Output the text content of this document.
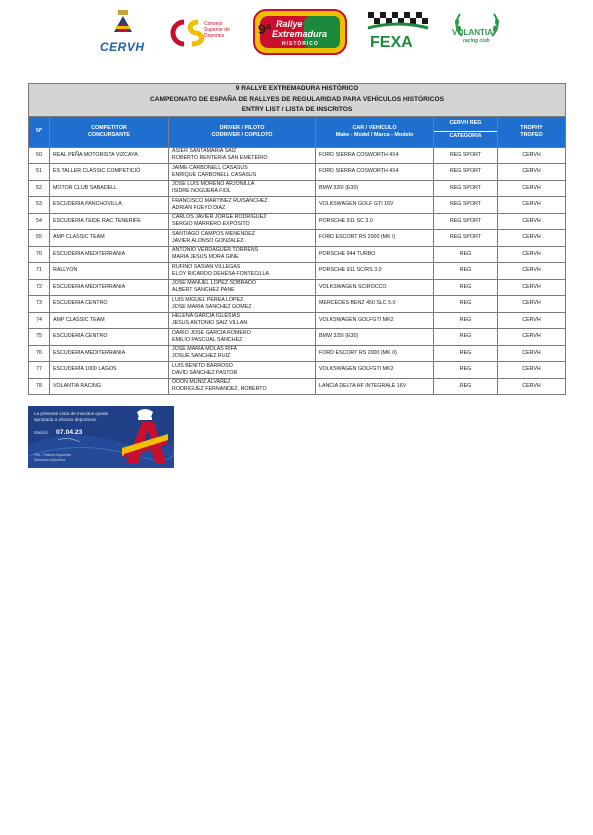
CERVH
Consejo
Superior de
Deportes	9ª Rallye
Extremadura
HISTÓRICO	FEXA
VOLANTIA
racing club
9 RALLYE EXTREMADURA HISTÓRICO
CAMPEONATO DE ESPAÑA DE RALLYES DE REGULARIDAD PARA VEHÍCULOS HISTÓRICOS
ENTRY LIST / LISTA DE INSCRITOS					

Nº	COMPETITOR
CONCURSANTE	DRIVER / PILOTO
CODRIVER / COPILOTO	CAR / VEHICULO
Make - Model / Marca - Modelo	CERVH REG
CATEGORIA	TROPHY
TROFEO

50	REAL PEÑA MOTORISTA VIZCAYA	ASIER SANTAMARIA SAIZ
ROBERTO RENTERIA SAN EMETERIO	FORD SIERRA COSWORTH 4X4	REG SPORT	CERVH
51	ES TALLER CLÀSSIC COMPETICIÓ	JAIME CARBONELL CASASUS
ENRIQUE CARBONELL CASASUS	FORD SIERRA COSWORTH 4X4	REG SPORT	CERVH
52	MOTOR CLUB SABADELL	JOSE LUIS MORENO ARJONILLA
ISIDRE NOGUERA FIOL	BMW 320I (E30)	REG SPORT	CERVH
53	ESCUDERIA PANCHOVILLA	FRANCISCO MARTINEZ RUISANCHEZ
ADRIAN FUEYO DIAZ	VOLKSWAGEN GOLF GTI 16V	REG SPORT	CERVH
54	ESCUDERÍA TEIDE RAC TENERIFE	CARLOS JAVIER JORGE RODRÍGUEZ
SERGIO MARRERO EXPÓSITO	PORSCHE 911 SC 3.0	REG SPORT	CERVH
55	AMP CLASSIC TEAM	SANTIAGO CAMPOS MENENDEZ
JAVIER ALONSO GONZALEZ	FORD ESCORT RS 2000 (MK I)	REG SPORT	CERVH
70	ESCUDERIA MEDITERRANIA	ANTONIO VERDAGUER TORRENS
MARIA JESUS MORA GINE	PORSCHE 944 TURBO	REG	CERVH
71	RALLYON	RUFINO SASIAN VILLEGAS
ELOY RICARDO DEHESA FONTECILLA	PORSCHE 911 SC/RS 3.0	REG	CERVH
72	ESCUDERIA MEDITERRANIA	JOSE MANUEL LOPEZ SOBRADO
ALBERT SANCHEZ PANE	VOLKSWAGEN SCIROCCO	REG	CERVH
73	ESCUDERIA CENTRO	LUIS MIGUEL PEREA LOPEZ
JOSE MARIA SANCHEZ GOMEZ	MERCEDES BENZ 450 SLC 5.0	REG	CERVH
74	AMP CLASSIC TEAM	HELENA GARCIA IGLESIAS
JESUS ANTONIO SAIZ VILLAN	VOLKSWAGEN GOLFGTI MK2	REG	CERVH
75	ESCUDERIA CENTRO	DARIO JOSE GARCIA ROMERO
EMILIO PASCUAL SÁNCHEZ	BMW 325I (E30)	REG	CERVH
76	ESCUDERIA MEDITERRANIA	JOSE MARIA MOLAS RIFA
JOSUE SANCHEZ RUIZ	FORD ESCORT RS 2000 (MK II)	REG	CERVH
77	ESCUDERÍA 1000 LAGOS	LUIS BENITO BARROSO
DAVID SÁNCHEZ PASTOR	VOLKSWAGEN GOLFGTI MK2	REG	CERVH
78	VOLANTIA RACING	ODON MUÑIZ ALVAREZ
RODRIGUEZ FERNANDEZ, ROBERTO	LANCIA DELTA HF INTEGRALE 16V	REG	CERVH
La presente Lista de Inscritos queda
aprobada a efectos deportivos.
Madrid, 07.04.23
Fdo.: Paloma Izquierdo
Directora Deportiva
